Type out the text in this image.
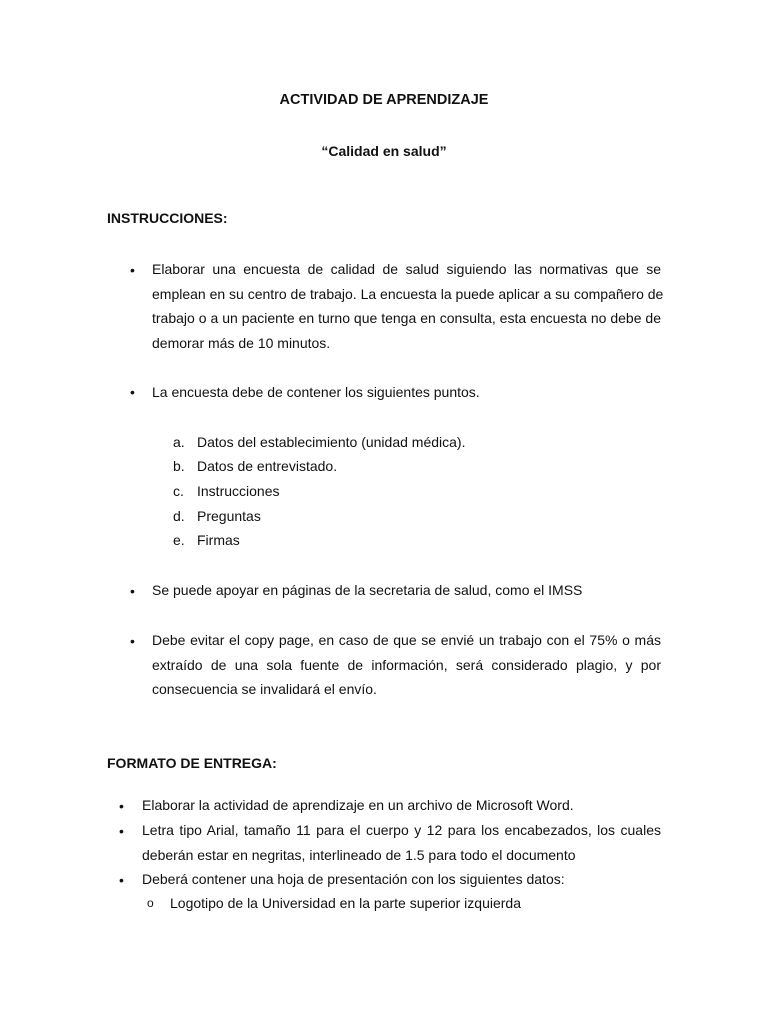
ACTIVIDAD DE APRENDIZAJE
“Calidad en salud”
INSTRUCCIONES:
• Elaborar una encuesta de calidad de salud siguiendo las normativas que se
emplean en su centro de trabajo. La encuesta la puede aplicar a su compañero de
trabajo o a un paciente en turno que tenga en consulta, esta encuesta no debe de
demorar más de 10 minutos.
• La encuesta debe de contener los siguientes puntos.
a. Datos del establecimiento (unidad médica).
b. Datos de entrevistado.
c. Instrucciones
d. Preguntas
e. Firmas
• Se puede apoyar en páginas de la secretaria de salud, como el IMSS
• Debe evitar el copy page, en caso de que se envié un trabajo con el 75% o más
extraído de una sola fuente de información, será considerado plagio, y por
consecuencia se invalidará el envío.
FORMATO DE ENTREGA:
• Elaborar la actividad de aprendizaje en un archivo de Microsoft Word.
• Letra tipo Arial, tamaño 11 para el cuerpo y 12 para los encabezados, los cuales
deberán estar en negritas, interlineado de 1.5 para todo el documento
• Deberá contener una hoja de presentación con los siguientes datos:
o Logotipo de la Universidad en la parte superior izquierda
